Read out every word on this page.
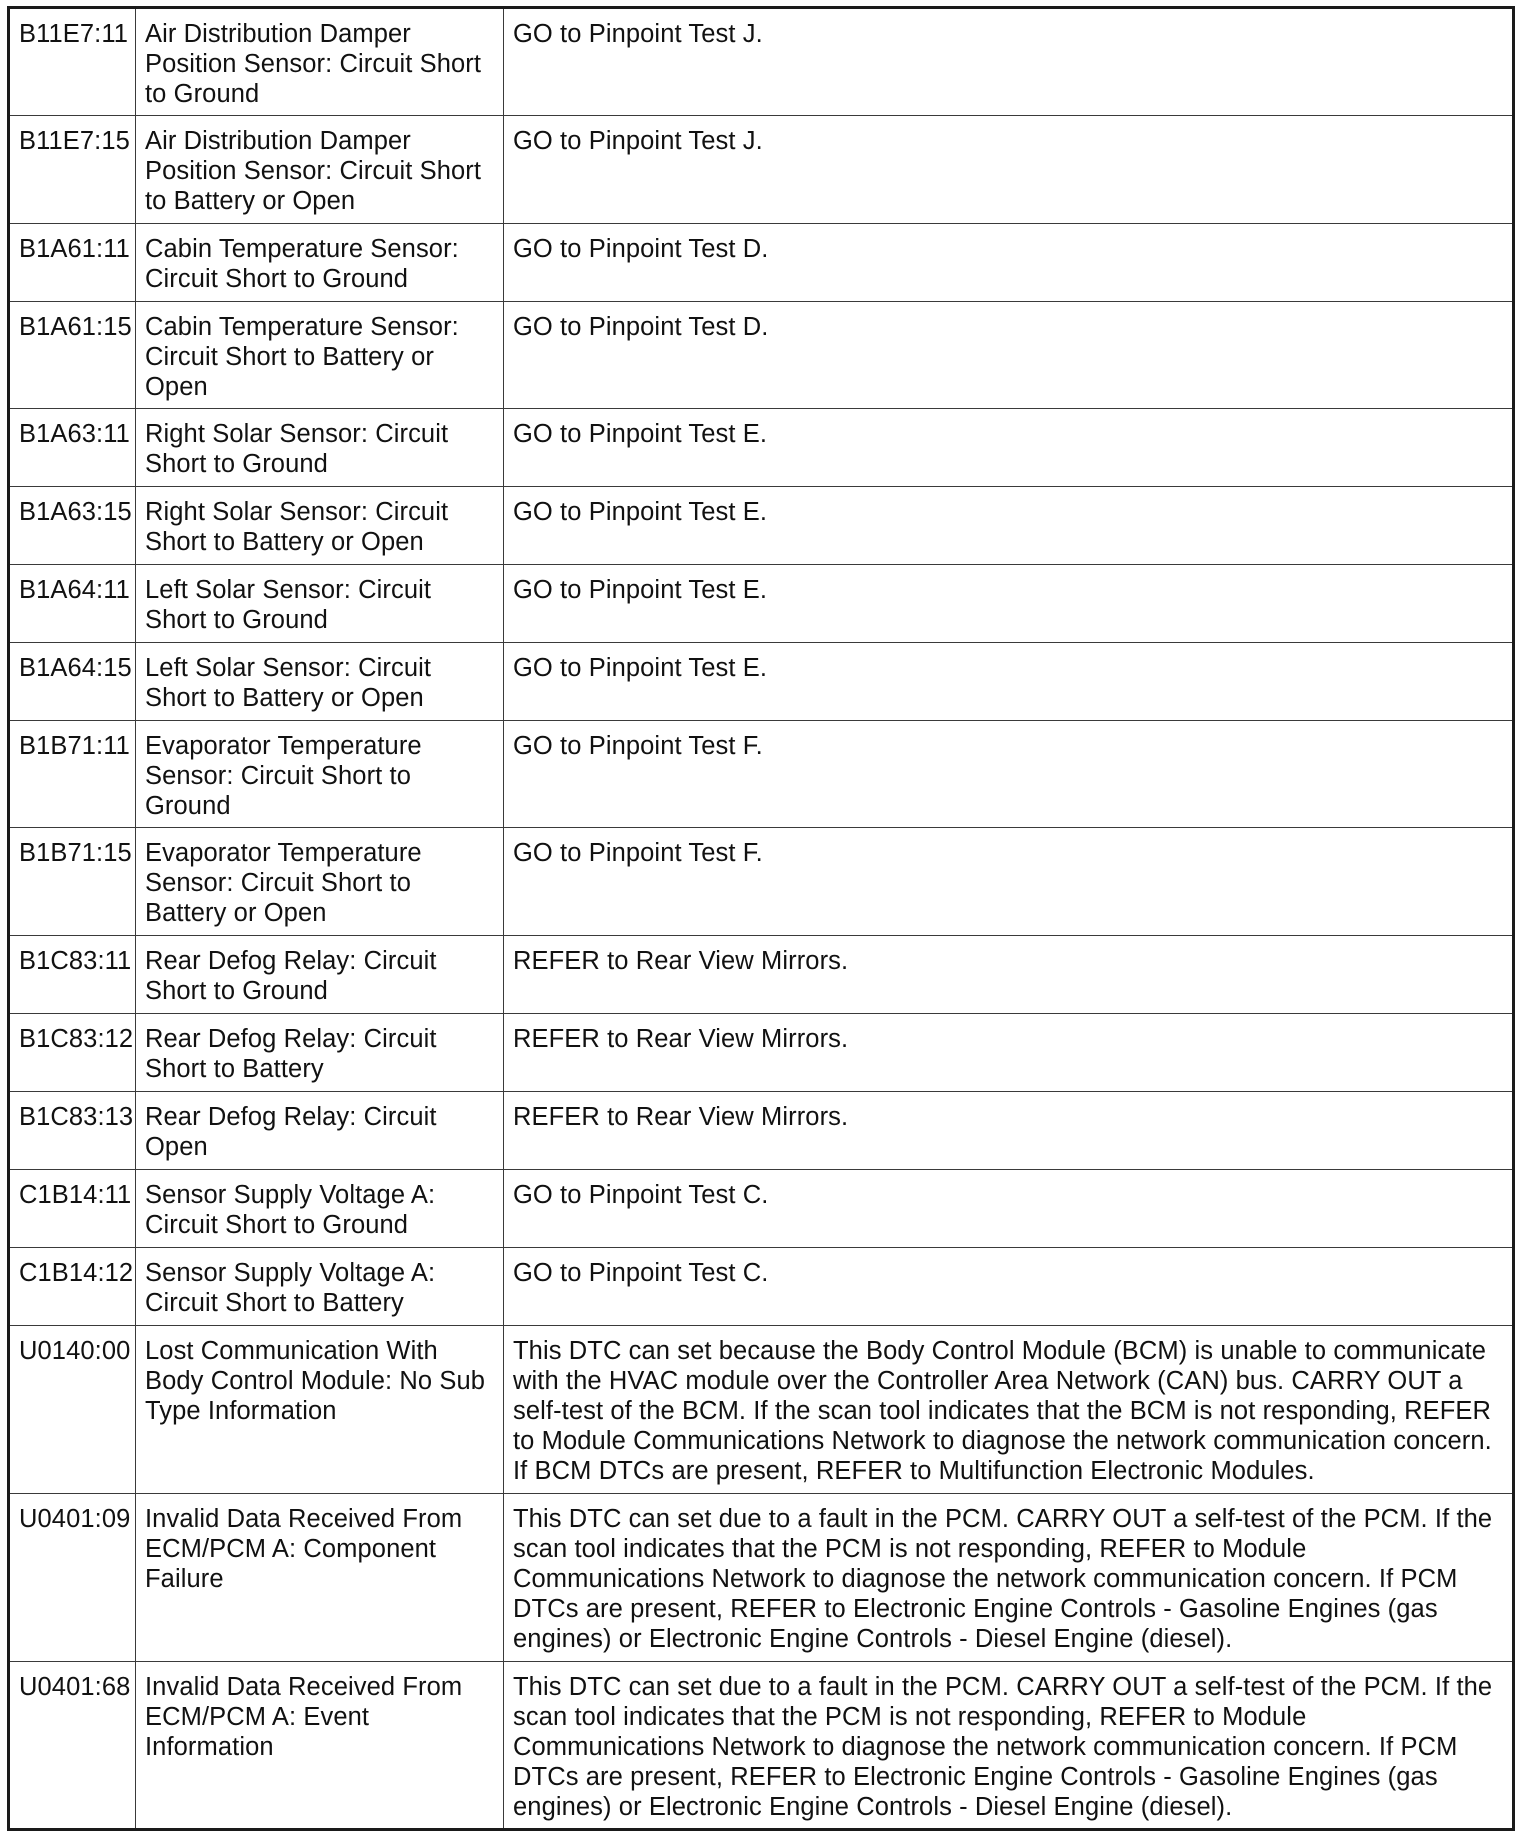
B11E7:11	Air Distribution Damper Position Sensor: Circuit Short to Ground	GO to Pinpoint Test J.
B11E7:15	Air Distribution Damper Position Sensor: Circuit Short to Battery or Open	GO to Pinpoint Test J.
B1A61:11	Cabin Temperature Sensor: Circuit Short to Ground	GO to Pinpoint Test D.
B1A61:15	Cabin Temperature Sensor: Circuit Short to Battery or Open	GO to Pinpoint Test D.
B1A63:11	Right Solar Sensor: Circuit Short to Ground	GO to Pinpoint Test E.
B1A63:15	Right Solar Sensor: Circuit Short to Battery or Open	GO to Pinpoint Test E.
B1A64:11	Left Solar Sensor: Circuit Short to Ground	GO to Pinpoint Test E.
B1A64:15	Left Solar Sensor: Circuit Short to Battery or Open	GO to Pinpoint Test E.
B1B71:11	Evaporator Temperature Sensor: Circuit Short to Ground	GO to Pinpoint Test F.
B1B71:15	Evaporator Temperature Sensor: Circuit Short to Battery or Open	GO to Pinpoint Test F.
B1C83:11	Rear Defog Relay: Circuit Short to Ground	REFER to Rear View Mirrors.
B1C83:12	Rear Defog Relay: Circuit Short to Battery	REFER to Rear View Mirrors.
B1C83:13	Rear Defog Relay: Circuit Open	REFER to Rear View Mirrors.
C1B14:11	Sensor Supply Voltage A: Circuit Short to Ground	GO to Pinpoint Test C.
C1B14:12	Sensor Supply Voltage A: Circuit Short to Battery	GO to Pinpoint Test C.
U0140:00	Lost Communication With Body Control Module: No Sub Type Information	This DTC can set because the Body Control Module (BCM) is unable to communicate with the HVAC module over the Controller Area Network (CAN) bus. CARRY OUT a self-test of the BCM. If the scan tool indicates that the BCM is not responding, REFER to Module Communications Network to diagnose the network communication concern. If BCM DTCs are present, REFER to Multifunction Electronic Modules.
U0401:09	Invalid Data Received From ECM/PCM A: Component Failure	This DTC can set due to a fault in the PCM. CARRY OUT a self-test of the PCM. If the scan tool indicates that the PCM is not responding, REFER to Module Communications Network to diagnose the network communication concern. If PCM DTCs are present, REFER to Electronic Engine Controls - Gasoline Engines (gas engines) or Electronic Engine Controls - Diesel Engine (diesel).
U0401:68	Invalid Data Received From ECM/PCM A: Event Information	This DTC can set due to a fault in the PCM. CARRY OUT a self-test of the PCM. If the scan tool indicates that the PCM is not responding, REFER to Module Communications Network to diagnose the network communication concern. If PCM DTCs are present, REFER to Electronic Engine Controls - Gasoline Engines (gas engines) or Electronic Engine Controls - Diesel Engine (diesel).
